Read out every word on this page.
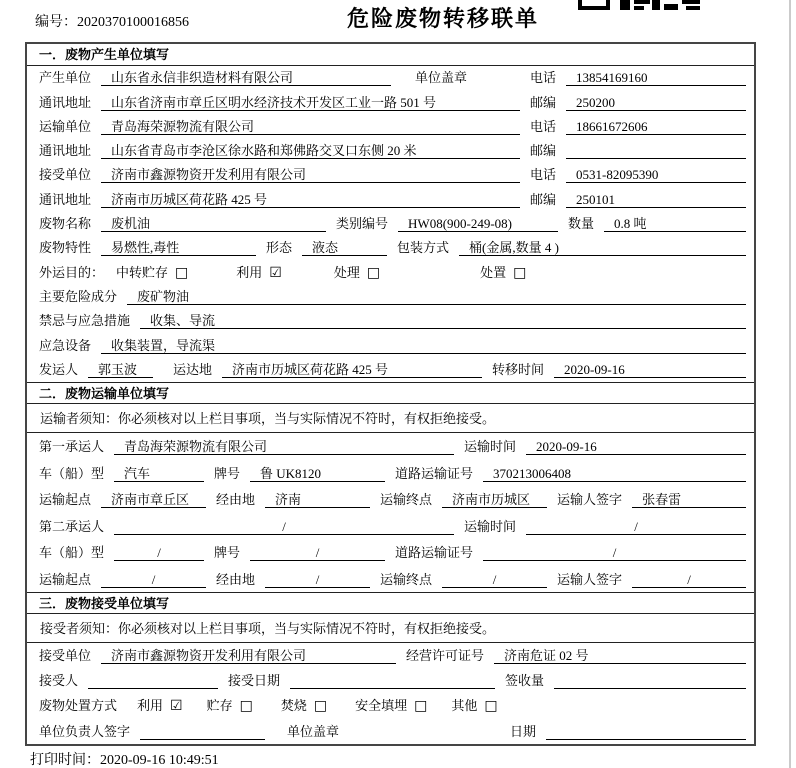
编号：2020370100016856	危险废物转移联单
一．废物产生单位填写
产生单位	山东省永信非织造材料有限公司	单位盖章	电话	13854169160
通讯地址	山东省济南市章丘区明水经济技术开发区工业一路 501 号	邮编	250200
运输单位	青岛海荣源物流有限公司	电话	18661672606
通讯地址	山东省青岛市李沧区徐水路和郑佛路交叉口东侧 20 米	邮编
接受单位	济南市鑫源物资开发利用有限公司	电话	0531-82095390
通讯地址	济南市历城区荷花路 425 号	邮编	250101
废物名称	废机油	类别编号	HW08(900-249-08)	数量	0.8 吨
废物特性	易燃性,毒性	形态	液态	包装方式	桶(金属,数量 4 )
外运目的： 中转贮存 □	利用 ☑	处理 □	处置 □
主要危险成分	废矿物油
禁忌与应急措施	收集、导流
应急设备	收集装置，导流渠
发运人	郭玉波	运达地	济南市历城区荷花路 425 号	转移时间	2020-09-16
二．废物运输单位填写
运输者须知：你必须核对以上栏目事项，当与实际情况不符时，有权拒绝接受。
第一承运人	青岛海荣源物流有限公司	运输时间	2020-09-16
车（船）型	汽车	牌号	鲁 UK8120	道路运输证号	370213006408
运输起点	济南市章丘区	经由地	济南	运输终点	济南市历城区	运输人签字	张春雷
第二承运人	/	运输时间	/
车（船）型	/	牌号	/	道路运输证号	/
运输起点	/	经由地	/	运输终点	/	运输人签字	/
三．废物接受单位填写
接受者须知：你必须核对以上栏目事项，当与实际情况不符时，有权拒绝接受。
接受单位	济南市鑫源物资开发利用有限公司	经营许可证号	济南危证 02 号
接受人	接受日期	签收量
废物处置方式 利用 ☑ 贮存 □ 焚烧 □ 安全填埋 □ 其他 □
单位负责人签字	单位盖章	日期
打印时间：2020-09-16 10:49:51
